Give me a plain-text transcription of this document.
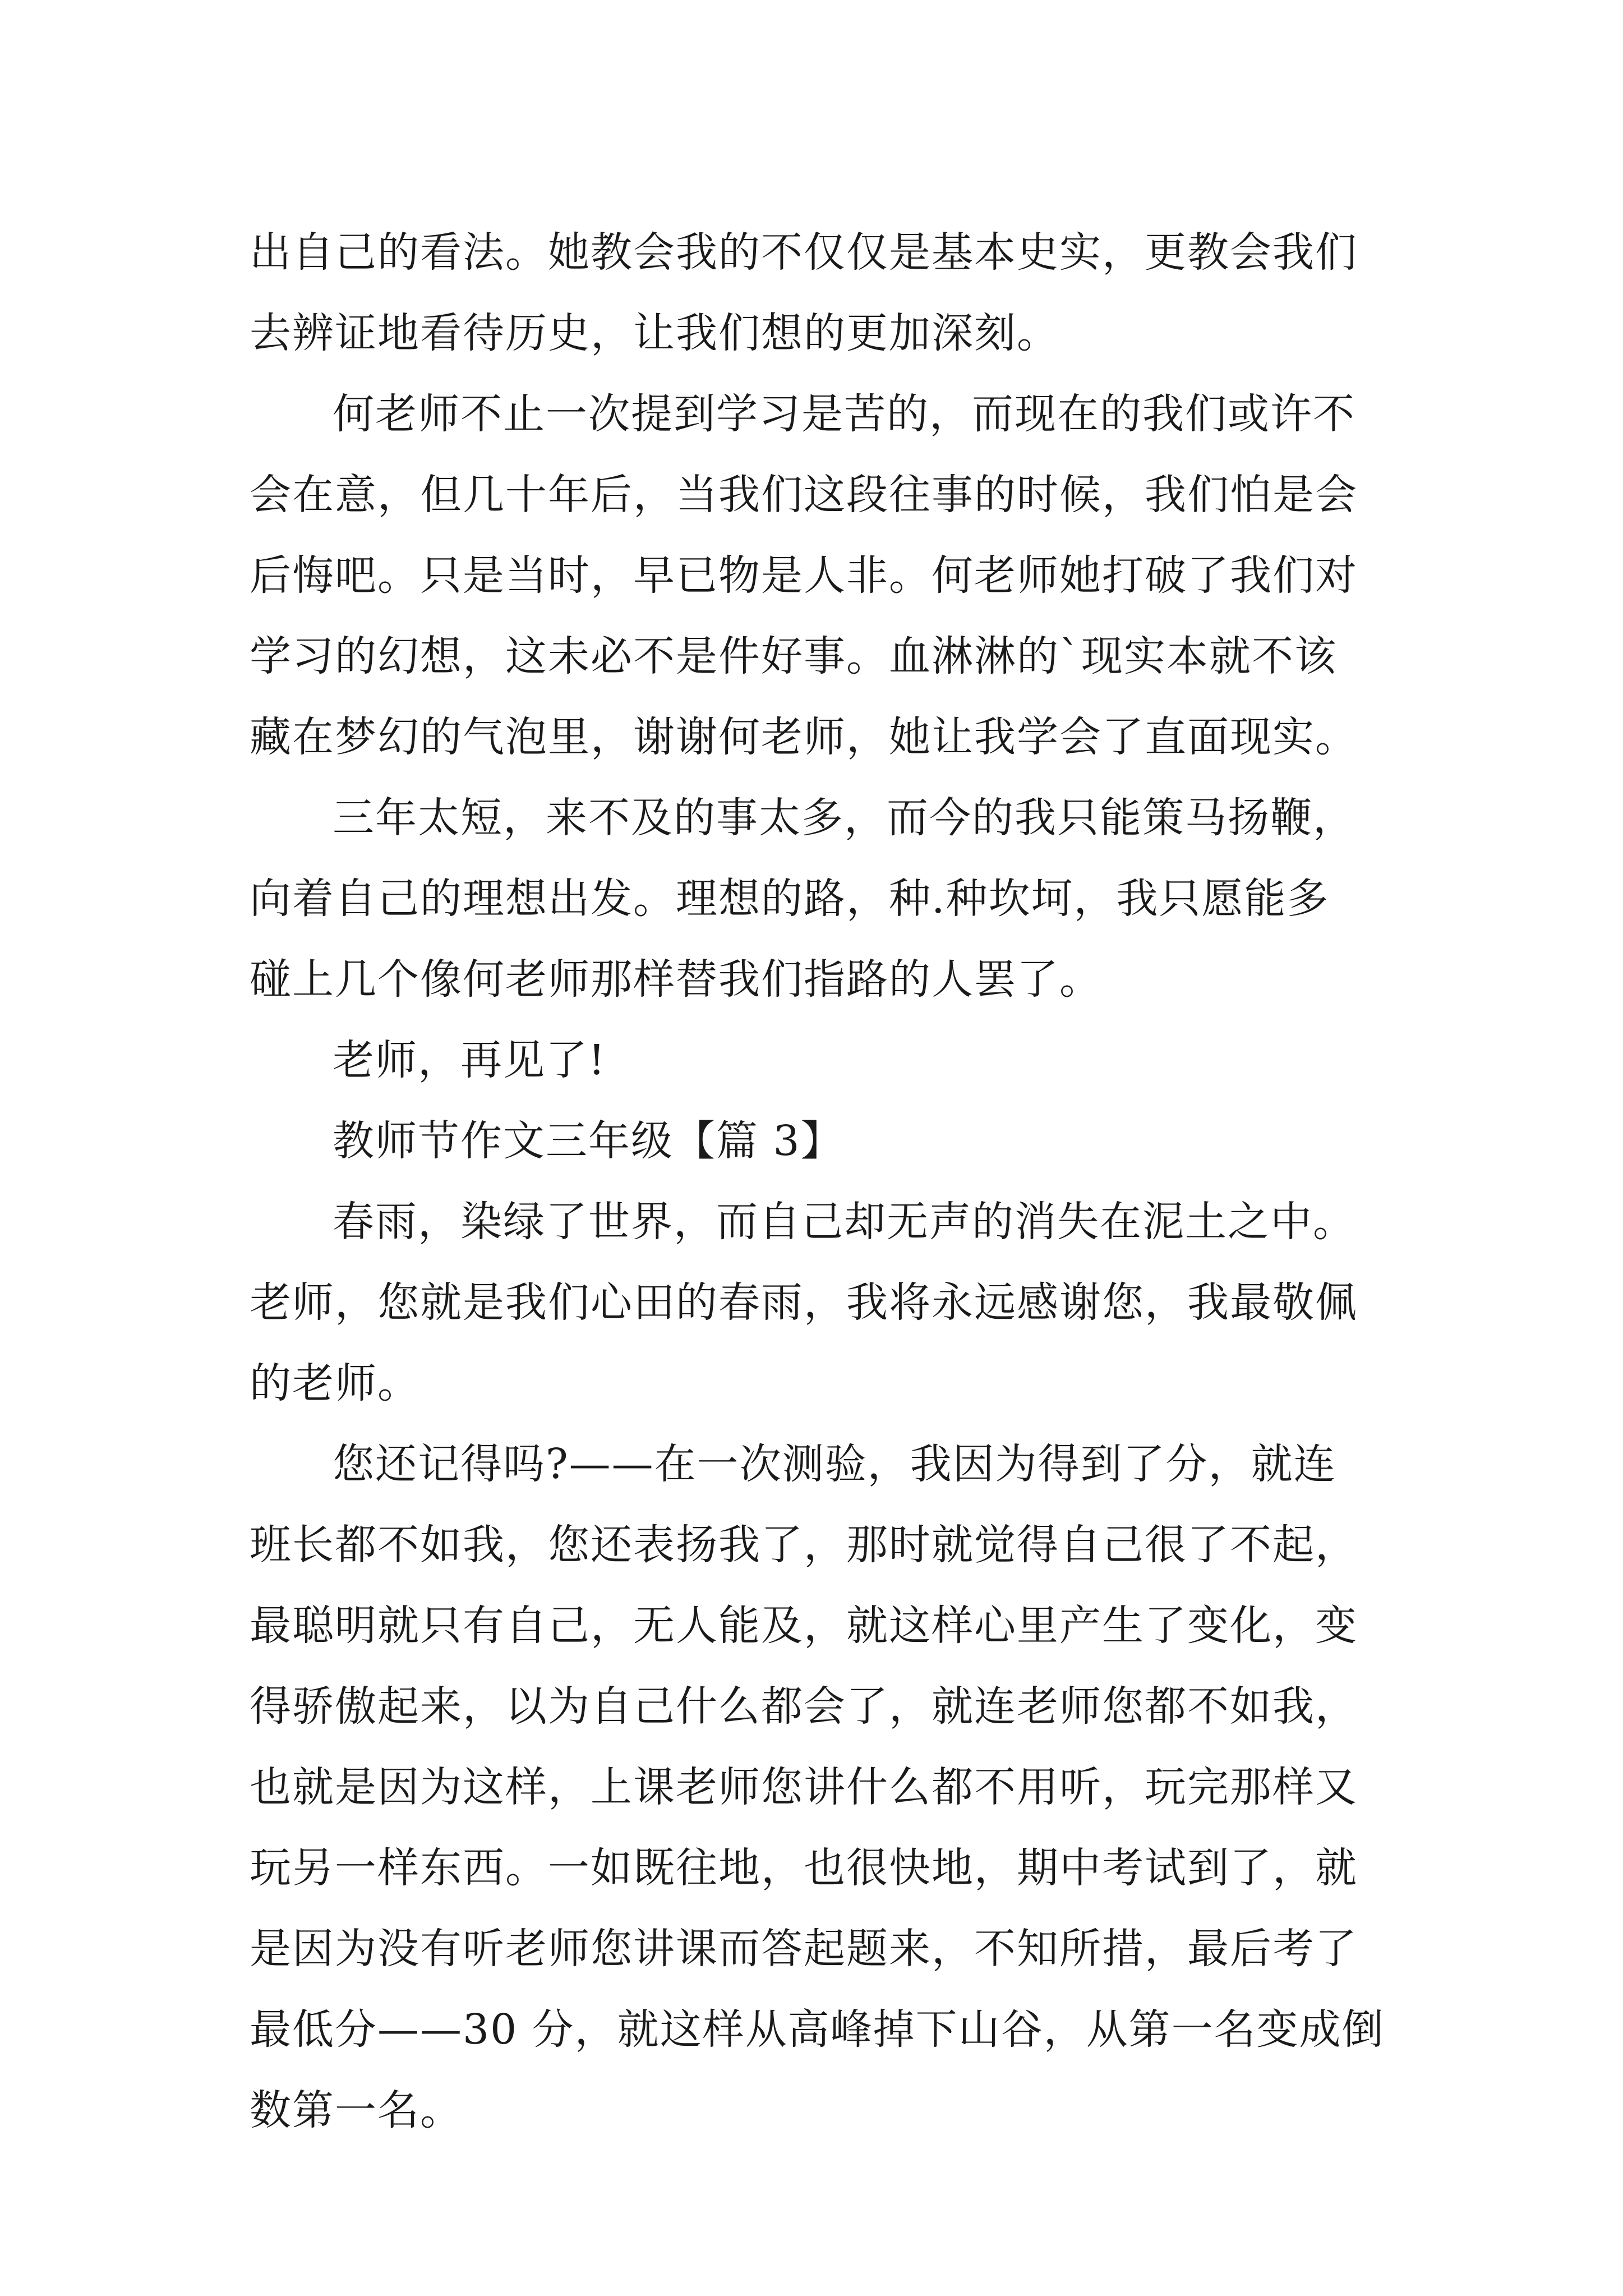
出自己的看法。她教会我的不仅仅是基本史实，更教会我们
去辨证地看待历史，让我们想的更加深刻。
何老师不止一次提到学习是苦的，而现在的我们或许不
会在意，但几十年后，当我们这段往事的时候，我们怕是会
后悔吧。只是当时，早已物是人非。何老师她打破了我们对
学习的幻想，这未必不是件好事。血淋淋的`现实本就不该
藏在梦幻的气泡里，谢谢何老师，她让我学会了直面现实。
三年太短，来不及的事太多，而今的我只能策马扬鞭，
向着自己的理想出发。理想的路，种.种坎坷，我只愿能多
碰上几个像何老师那样替我们指路的人罢了。
老师，再见了!
教师节作文三年级【篇 3】
春雨，染绿了世界，而自己却无声的消失在泥土之中。
老师，您就是我们心田的春雨，我将永远感谢您，我最敬佩
的老师。
您还记得吗?——在一次测验，我因为得到了分，就连
班长都不如我，您还表扬我了，那时就觉得自己很了不起，
最聪明就只有自己，无人能及，就这样心里产生了变化，变
得骄傲起来，以为自己什么都会了，就连老师您都不如我，
也就是因为这样，上课老师您讲什么都不用听，玩完那样又
玩另一样东西。一如既往地，也很快地，期中考试到了，就
是因为没有听老师您讲课而答起题来，不知所措，最后考了
最低分——30 分，就这样从高峰掉下山谷，从第一名变成倒
数第一名。
